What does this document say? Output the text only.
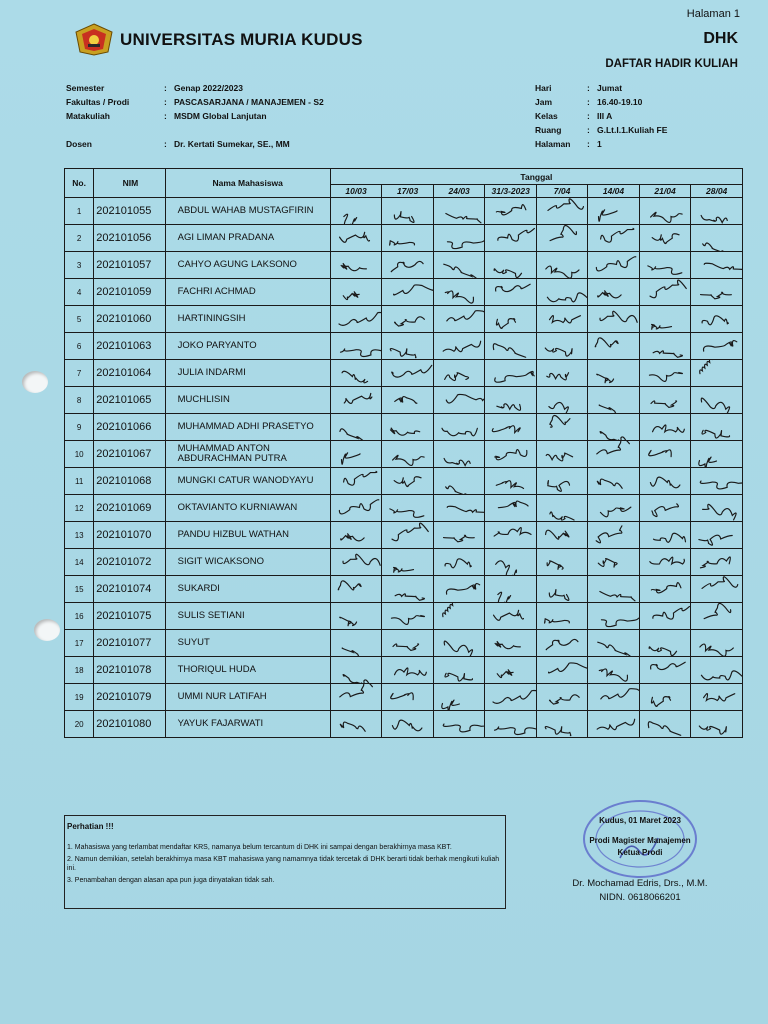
Halaman 1
UNIVERSITAS MURIA KUDUS	DHK
DAFTAR HADIR KULIAH
Semester	: Genap 2022/2023
Fakultas / Prodi	: PASCASARJANA / MANAJEMEN - S2
Matakuliah	: MSDM Global Lanjutan
Dosen	: Dr. Kertati Sumekar, SE., MM
Hari	: Jumat
Jam	: 16.40-19.10
Kelas	: III A
Ruang	: G.Lt.I.1.Kuliah FE
Halaman : 1
No.	NIM	Nama Mahasiswa	Tanggal							
			10/03	17/03	24/03	31/3-2023	7/04	14/04	21/04	28/04
1	202101055	ABDUL WAHAB MUSTAGFIRIN	

2	202101056	AGI LIMAN PRADANA	

3	202101057	CAHYO AGUNG LAKSONO	

4	202101059	FACHRI ACHMAD	

5	202101060	HARTININGSIH	

6	202101063	JOKO PARYANTO	

7	202101064	JULIA INDARMI	

8	202101065	MUCHLISIN	

9	202101066	MUHAMMAD ADHI PRASETYO	

10	202101067	MUHAMMAD ANTON ABDURACHMAN PUTRA	

11	202101068	MUNGKI CATUR WANODYAYU	

12	202101069	OKTAVIANTO KURNIAWAN	

13	202101070	PANDU HIZBUL WATHAN	

14	202101072	SIGIT WICAKSONO	

15	202101074	SUKARDI	

16	202101075	SULIS SETIANI	

17	202101077	SUYUT	

18	202101078	THORIQUL HUDA	

19	202101079	UMMI NUR LATIFAH	

20	202101080	YAYUK FAJARWATI	

Perhatian !!!

1. Mahasiswa yang terlambat mendaftar KRS, namanya belum tercantum di DHK ini sampai dengan berakhirnya masa KBT.

2. Namun demikian, setelah berakhirnya masa KBT mahasiswa yang namamnya tidak tercetak di DHK berarti tidak berhak mengikuti kuliah ini.

3. Penambahan dengan alasan apa pun juga dinyatakan tidak sah.

Kudus, 01 Maret 2023
Prodi Magister Manajemen
Ketua Prodi
Dr. Mochamad Edris, Drs., M.M.
NIDN. 0618066201
